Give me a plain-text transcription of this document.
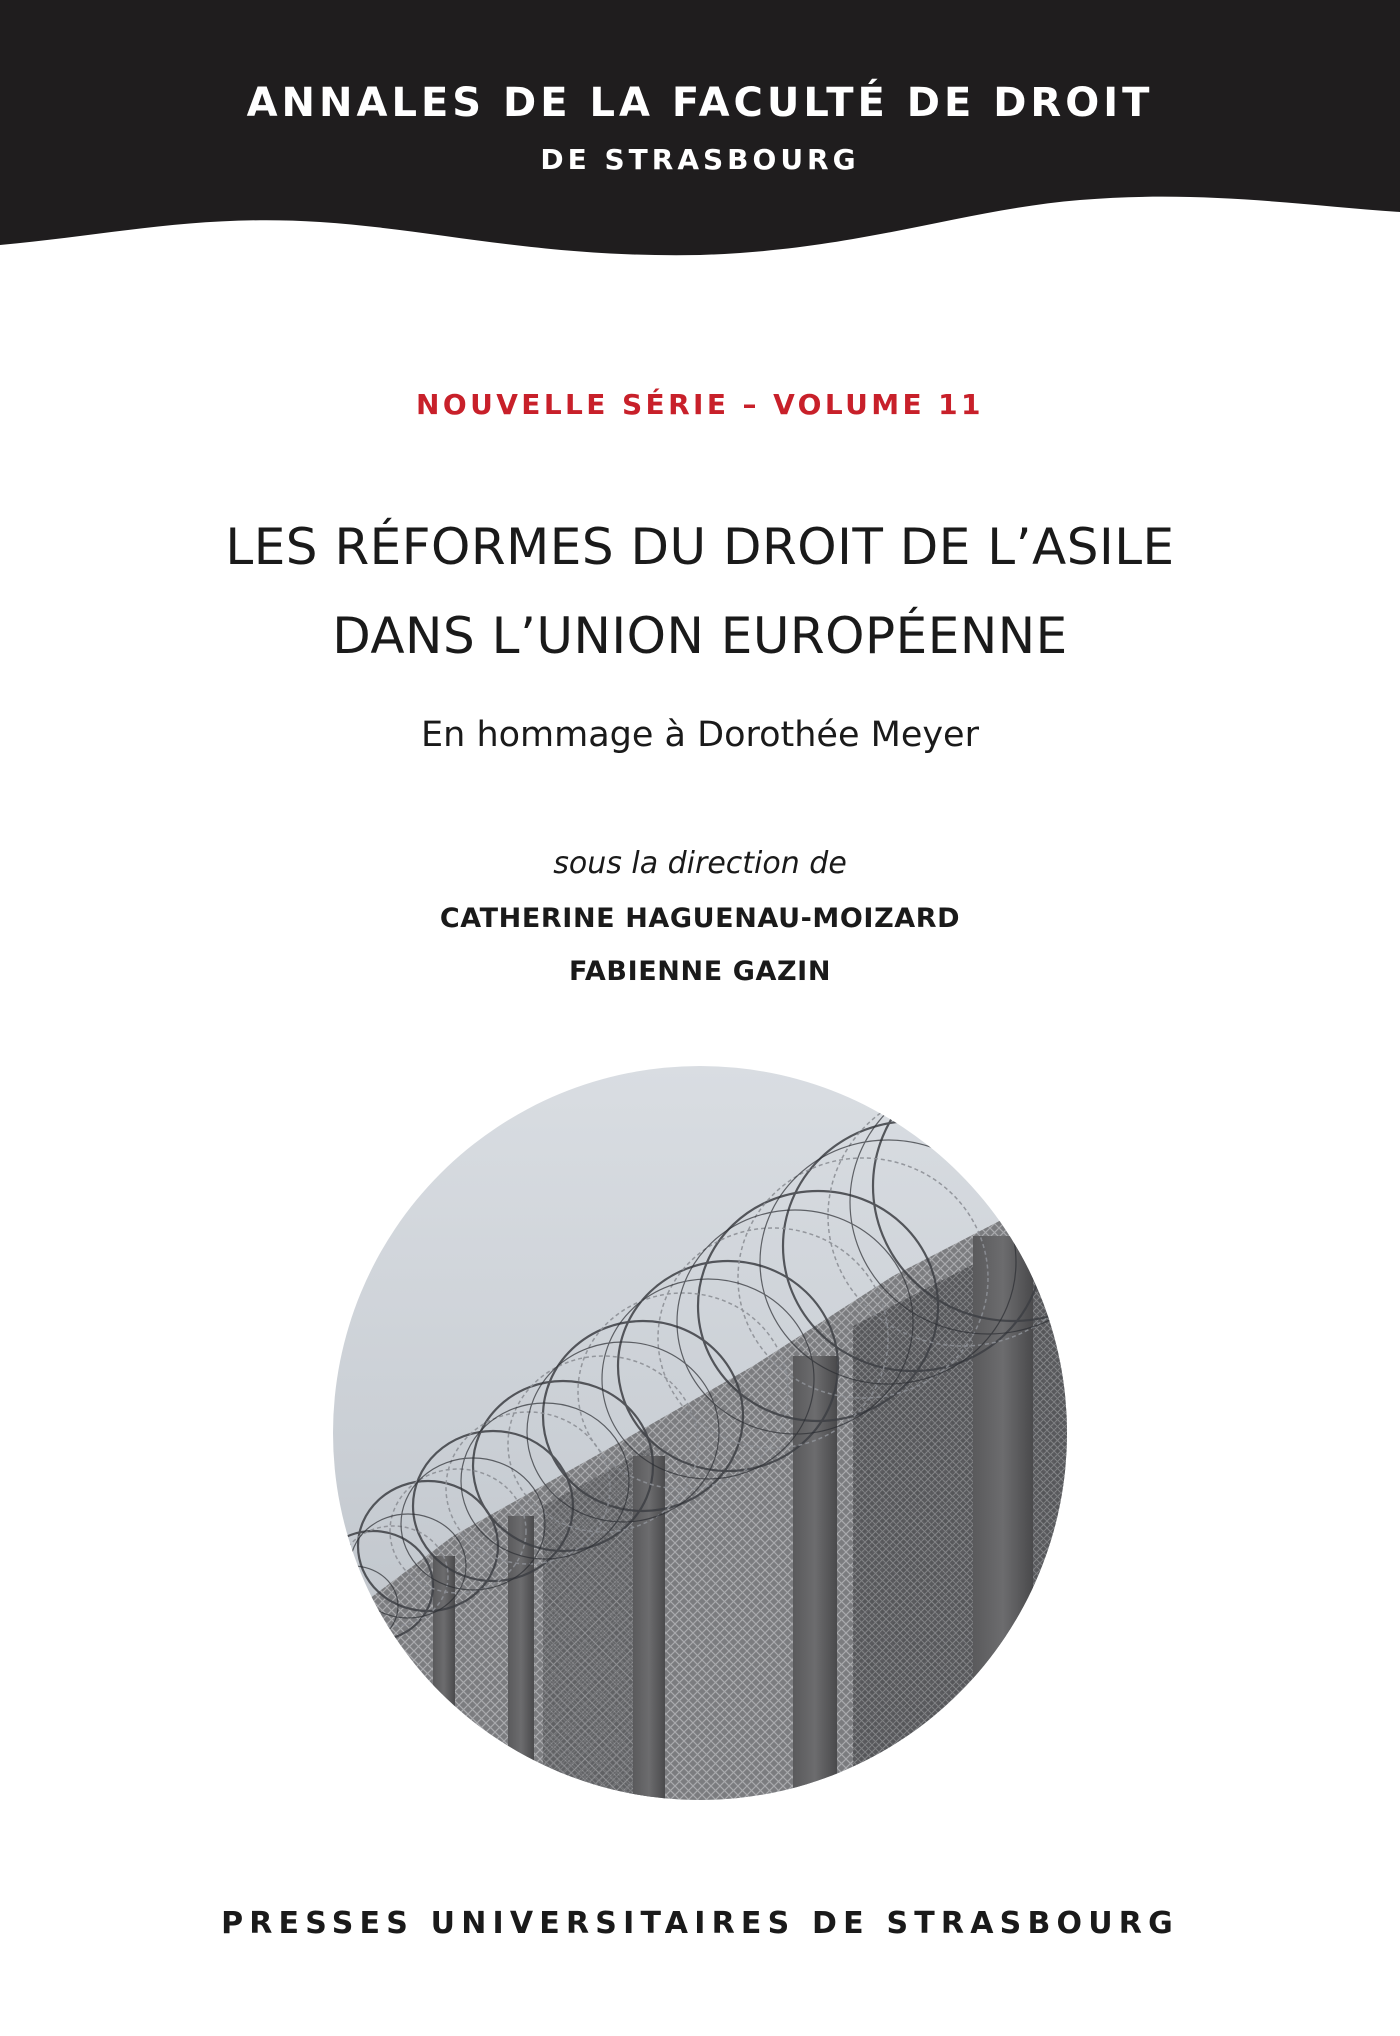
ANNALES DE LA FACULTÉ DE DROIT
DE STRASBOURG
NOUVELLE SÉRIE – VOLUME 11
LES RÉFORMES DU DROIT DE L’ASILE
DANS L’UNION EUROPÉENNE
En hommage à Dorothée Meyer
sous la direction de
CATHERINE HAGUENAU-MOIZARD
FABIENNE GAZIN
PRESSES UNIVERSITAIRES DE STRASBOURG
